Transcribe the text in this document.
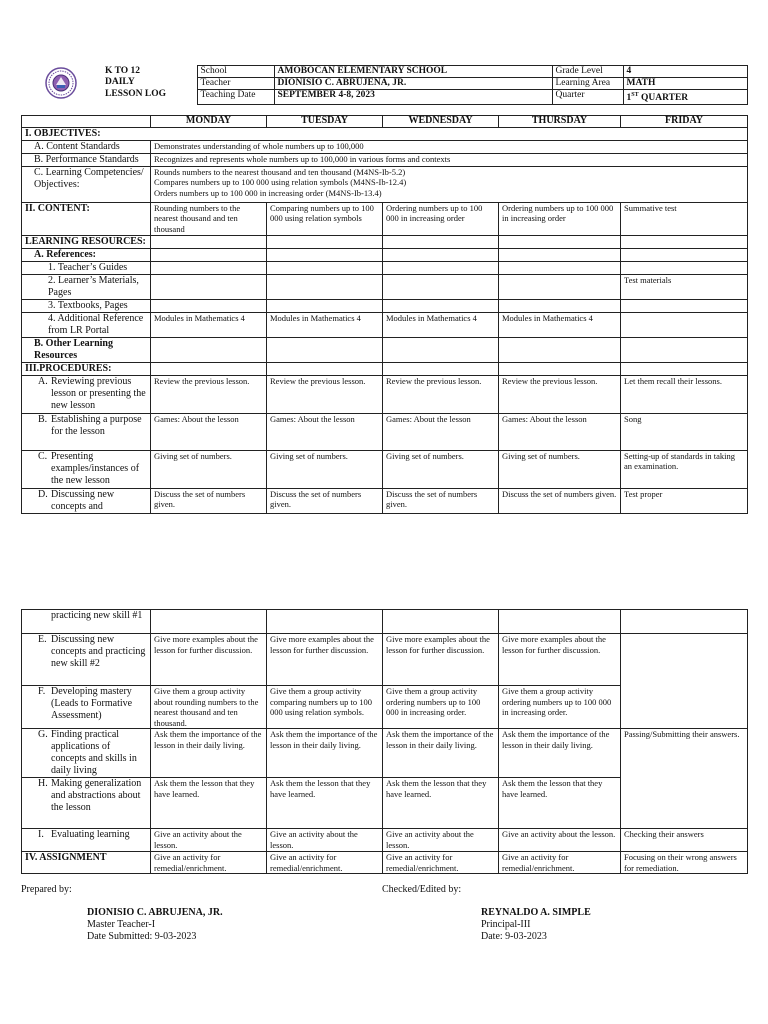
K TO 12
DAILY
LESSON LOG	School	AMOBOCAN ELEMENTARY SCHOOL	Grade Level	4
		Teacher	DIONISIO C. ABRUJENA, JR.	Learning Area	MATH
		Teaching Date	SEPTEMBER 4-8, 2023	Quarter	1ST QUARTER
	MONDAY	TUESDAY	WEDNESDAY	THURSDAY	FRIDAY
I. OBJECTIVES:					
A. Content Standards	Demonstrates understanding of whole numbers up to 100,000				
B. Performance Standards	Recognizes and represents whole numbers up to 100,000 in various forms and contexts				
C. Learning Competencies/ Objectives:	Rounds numbers to the nearest thousand and ten thousand (M4NS-Ib-5.2)
Compares numbers up to 100 000 using relation symbols (M4NS-Ib-12.4)
Orders numbers up to 100 000 in increasing order (M4NS-Ib-13.4)				

II. CONTENT:	Rounding numbers to the nearest thousand and ten thousand	Comparing numbers up to 100 000 using relation symbols	Ordering numbers up to 100 000 in increasing order	Ordering numbers up to 100 000 in increasing order	Summative test
LEARNING RESOURCES:					
A. References:					
1. Teacher’s Guides					
2. Learner’s Materials, Pages					Test materials
3. Textbooks, Pages					
4. Additional Reference from LR Portal	Modules in Mathematics 4	Modules in Mathematics 4	Modules in Mathematics 4	Modules in Mathematics 4	
B. Other Learning Resources					
III.PROCEDURES:					

A. Reviewing previous lesson or presenting the new lesson	Review the previous lesson.	Review the previous lesson.	Review the previous lesson.	Review the previous lesson.	Let them recall their lessons.

B. Establishing a purpose for the lesson	Games: About the lesson	Games: About the lesson	Games: About the lesson	Games: About the lesson	Song

C. Presenting examples/instances of the new lesson	Giving set of numbers.	Giving set of numbers.	Giving set of numbers.	Giving set of numbers.	Setting-up of standards in taking an examination.

D. Discussing new concepts and	Discuss the set of numbers given.	Discuss the set of numbers given.	Discuss the set of numbers given.	Discuss the set of numbers given.	Test proper
practicing new skill #1					

E. Discussing new concepts and practicing new skill #2	Give more examples about the lesson for further discussion.	Give more examples about the lesson for further discussion.	Give more examples about the lesson for further discussion.	Give more examples about the lesson for further discussion.	

F. Developing mastery (Leads to Formative Assessment)	Give them a group activity about rounding numbers to the nearest thousand and ten thousand.	Give them a group activity comparing numbers up to 100 000 using relation symbols.	Give them a group activity ordering numbers up to 100 000 in increasing order.	Give them a group activity ordering numbers up to 100 000 in increasing order.	

G. Finding practical applications of concepts and skills in daily living	Ask them the importance of the lesson in their daily living.	Ask them the importance of the lesson in their daily living.	Ask them the importance of the lesson in their daily living.	Ask them the importance of the lesson in their daily living.	Passing/Submitting their answers.

H. Making generalization and abstractions about the lesson	Ask them the lesson that they have learned.	Ask them the lesson that they have learned.	Ask them the lesson that they have learned.	Ask them the lesson that they have learned.	

I. Evaluating learning	Give an activity about the lesson.	Give an activity about the lesson.	Give an activity about the lesson.	Give an activity about the lesson.	Checking their answers
IV. ASSIGNMENT	Give an activity for remedial/enrichment.	Give an activity for remedial/enrichment.	Give an activity for remedial/enrichment.	Give an activity for remedial/enrichment.	Focusing on their wrong answers for remediation.
Prepared by:
DIONISIO C. ABRUJENA, JR.
Master Teacher-I
Date Submitted: 9-03-2023
Checked/Edited by:
REYNALDO A. SIMPLE
Principal-III
Date: 9-03-2023
